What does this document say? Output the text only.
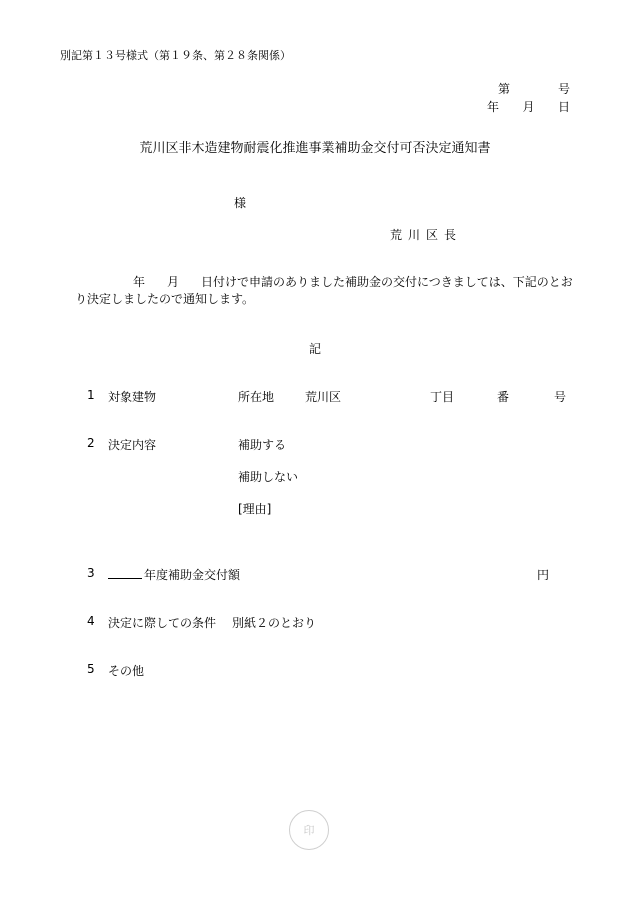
別記第１３号様式（第１９条、第２８条関係）
第	号
年 月 日
荒川区非木造建物耐震化推進事業補助金交付可否決定通知書
様
荒川区長
年 月 日付けで申請のありました補助金の交付につきましては、下記のとおり決定しましたので通知します。
記
1 対象建物	所在地	荒川区	丁目	番	号
2 決定内容	補助する
補助しない
[理由]
3	年度補助金交付額	円
4 決定に際しての条件 別紙２のとおり
5 その他
印
